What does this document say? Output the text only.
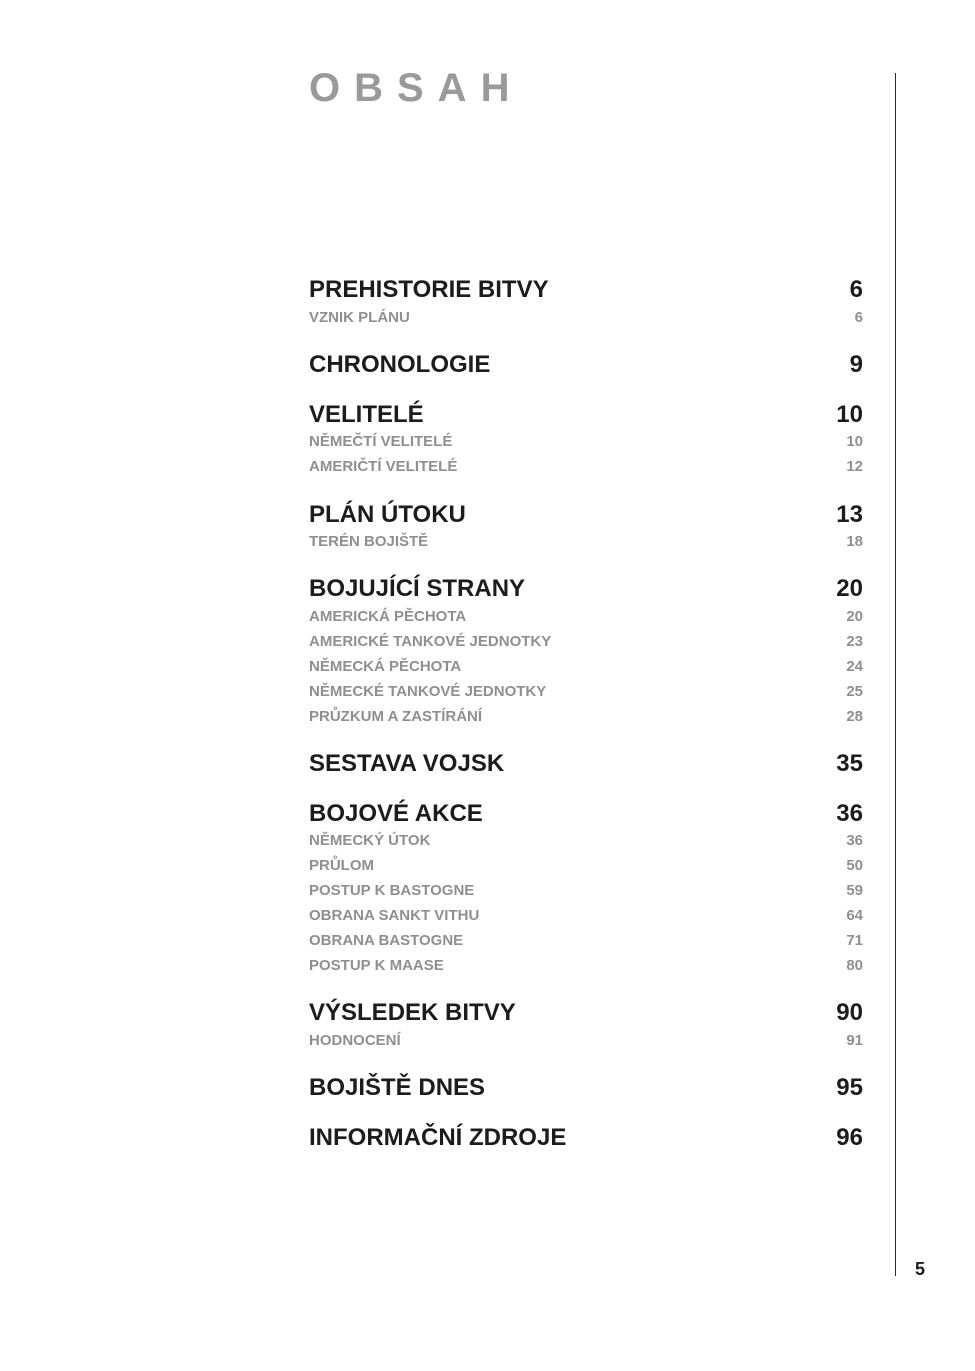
OBSAH
5
PREHISTORIE BITVY	6
VZNIK PLÁNU	6
CHRONOLOGIE	9
VELITELÉ	10
NĚMEČTÍ VELITELÉ	10
AMERIČTÍ VELITELÉ	12
PLÁN ÚTOKU	13
TERÉN BOJIŠTĚ	18
BOJUJÍCÍ STRANY	20
AMERICKÁ PĚCHOTA	20
AMERICKÉ TANKOVÉ JEDNOTKY	23
NĚMECKÁ PĚCHOTA	24
NĚMECKÉ TANKOVÉ JEDNOTKY	25
PRŮZKUM A ZASTÍRÁNÍ	28
SESTAVA VOJSK	35
BOJOVÉ AKCE	36
NĚMECKÝ ÚTOK	36
PRŮLOM	50
POSTUP K BASTOGNE	59
OBRANA SANKT VITHU	64
OBRANA BASTOGNE	71
POSTUP K MAASE	80
VÝSLEDEK BITVY	90
HODNOCENÍ	91
BOJIŠTĚ DNES	95
INFORMAČNÍ ZDROJE	96
